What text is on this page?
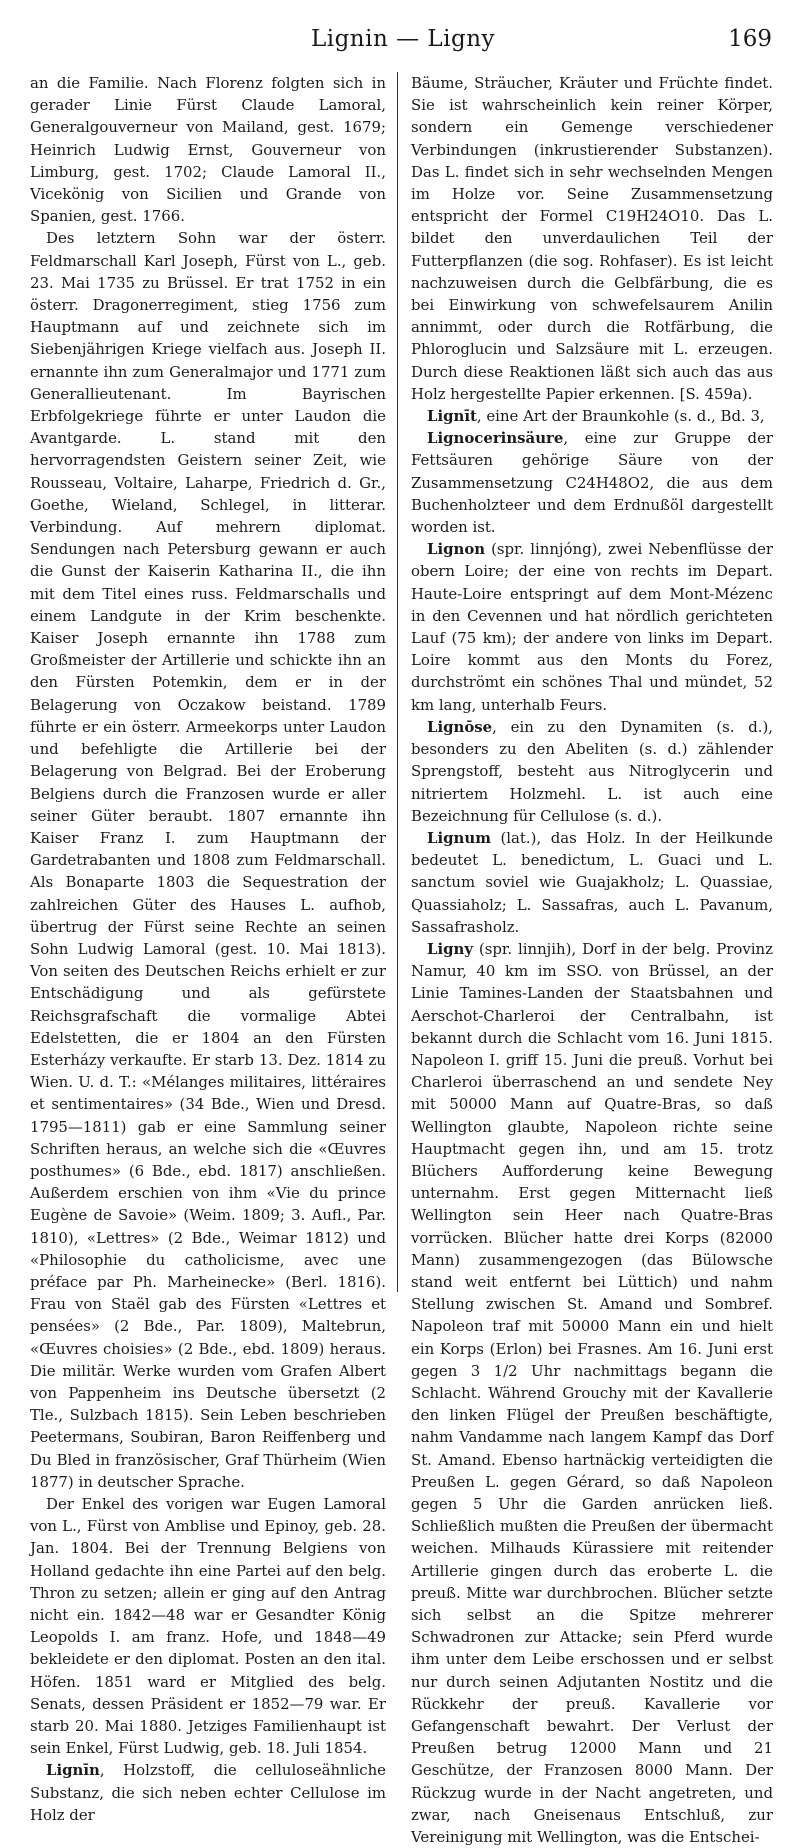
Lignin — Ligny	169

an die Familie. Nach Florenz folgten sich in gerader Linie Fürst Claude Lamoral, Generalgouverneur von Mailand, gest. 1679; Heinrich Ludwig Ernst, Gouverneur von Limburg, gest. 1702; Claude Lamoral II., Vicekönig von Sicilien und Grande von Spanien, gest. 1766.

Des letztern Sohn war der österr. Feldmarschall Karl Joseph, Fürst von L., geb. 23. Mai 1735 zu Brüssel. Er trat 1752 in ein österr. Dragonerregiment, stieg 1756 zum Hauptmann auf und zeichnete sich im Siebenjährigen Kriege vielfach aus. Joseph II. ernannte ihn zum Generalmajor und 1771 zum Generallieutenant. Im Bayrischen Erbfolgekriege führte er unter Laudon die Avantgarde. L. stand mit den hervorragendsten Geistern seiner Zeit, wie Rousseau, Voltaire, Laharpe, Friedrich d. Gr., Goethe, Wieland, Schlegel, in litterar. Verbindung. Auf mehrern diplomat. Sendungen nach Petersburg gewann er auch die Gunst der Kaiserin Katharina II., die ihn mit dem Titel eines russ. Feldmarschalls und einem Landgute in der Krim beschenkte. Kaiser Joseph ernannte ihn 1788 zum Großmeister der Artillerie und schickte ihn an den Fürsten Potemkin, dem er in der Belagerung von Oczakow beistand. 1789 führte er ein österr. Armeekorps unter Laudon und befehligte die Artillerie bei der Belagerung von Belgrad. Bei der Eroberung Belgiens durch die Franzosen wurde er aller seiner Güter beraubt. 1807 ernannte ihn Kaiser Franz I. zum Hauptmann der Gardetrabanten und 1808 zum Feldmarschall. Als Bonaparte 1803 die Sequestration der zahlreichen Güter des Hauses L. aufhob, übertrug der Fürst seine Rechte an seinen Sohn Ludwig Lamoral (gest. 10. Mai 1813). Von seiten des Deutschen Reichs erhielt er zur Entschädigung und als gefürstete Reichsgrafschaft die vormalige Abtei Edelstetten, die er 1804 an den Fürsten Esterházy verkaufte. Er starb 13. Dez. 1814 zu Wien. U. d. T.: «Mélanges militaires, littéraires et sentimentaires» (34 Bde., Wien und Dresd. 1795—1811) gab er eine Sammlung seiner Schriften heraus, an welche sich die «Œuvres posthumes» (6 Bde., ebd. 1817) anschließen. Außerdem erschien von ihm «Vie du prince Eugène de Savoie» (Weim. 1809; 3. Aufl., Par. 1810), «Lettres» (2 Bde., Weimar 1812) und «Philosophie du catholicisme, avec une préface par Ph. Marheinecke» (Berl. 1816). Frau von Staël gab des Fürsten «Lettres et pensées» (2 Bde., Par. 1809), Maltebrun, «Œuvres choisies» (2 Bde., ebd. 1809) heraus. Die militär. Werke wurden vom Grafen Albert von Pappenheim ins Deutsche übersetzt (2 Tle., Sulzbach 1815). Sein Leben beschrieben Peetermans, Soubiran, Baron Reiffenberg und Du Bled in französischer, Graf Thürheim (Wien 1877) in deutscher Sprache.

Der Enkel des vorigen war Eugen Lamoral von L., Fürst von Amblise und Epinoy, geb. 28. Jan. 1804. Bei der Trennung Belgiens von Holland gedachte ihn eine Partei auf den belg. Thron zu setzen; allein er ging auf den Antrag nicht ein. 1842—48 war er Gesandter König Leopolds I. am franz. Hofe, und 1848—49 bekleidete er den diplomat. Posten an den ital. Höfen. 1851 ward er Mitglied des belg. Senats, dessen Präsident er 1852—79 war. Er starb 20. Mai 1880. Jetziges Familienhaupt ist sein Enkel, Fürst Ludwig, geb. 18. Juli 1854.

Lignīn, Holzstoff, die celluloseähnliche Substanz, die sich neben echter Cellulose im Holz der

Bäume, Sträucher, Kräuter und Früchte findet. Sie ist wahrscheinlich kein reiner Körper, sondern ein Gemenge verschiedener Verbindungen (inkrustierender Substanzen). Das L. findet sich in sehr wechselnden Mengen im Holze vor. Seine Zusammensetzung entspricht der Formel C19H24O10. Das L. bildet den unverdaulichen Teil der Futterpflanzen (die sog. Rohfaser). Es ist leicht nachzuweisen durch die Gelbfärbung, die es bei Einwirkung von schwefelsaurem Anilin annimmt, oder durch die Rotfärbung, die Phloroglucin und Salzsäure mit L. erzeugen. Durch diese Reaktionen läßt sich auch das aus Holz hergestellte Papier erkennen. [S. 459a).

Lignīt, eine Art der Braunkohle (s. d., Bd. 3,

Lignocerinsäure, eine zur Gruppe der Fettsäuren gehörige Säure von der Zusammensetzung C24H48O2, die aus dem Buchenholzteer und dem Erdnußöl dargestellt worden ist.

Lignon (spr. linnjóng), zwei Nebenflüsse der obern Loire; der eine von rechts im Depart. Haute-Loire entspringt auf dem Mont-Mézenc in den Cevennen und hat nördlich gerichteten Lauf (75 km); der andere von links im Depart. Loire kommt aus den Monts du Forez, durchströmt ein schönes Thal und mündet, 52 km lang, unterhalb Feurs.

Lignōse, ein zu den Dynamiten (s. d.), besonders zu den Abeliten (s. d.) zählender Sprengstoff, besteht aus Nitroglycerin und nitriertem Holzmehl. L. ist auch eine Bezeichnung für Cellulose (s. d.).

Lignum (lat.), das Holz. In der Heilkunde bedeutet L. benedictum, L. Guaci und L. sanctum soviel wie Guajakholz; L. Quassiae, Quassiaholz; L. Sassafras, auch L. Pavanum, Sassafrasholz.

Ligny (spr. linnjih), Dorf in der belg. Provinz Namur, 40 km im SSO. von Brüssel, an der Linie Tamines-Landen der Staatsbahnen und Aerschot-Charleroi der Centralbahn, ist bekannt durch die Schlacht vom 16. Juni 1815. Napoleon I. griff 15. Juni die preuß. Vorhut bei Charleroi überraschend an und sendete Ney mit 50000 Mann auf Quatre-Bras, so daß Wellington glaubte, Napoleon richte seine Hauptmacht gegen ihn, und am 15. trotz Blüchers Aufforderung keine Bewegung unternahm. Erst gegen Mitternacht ließ Wellington sein Heer nach Quatre-Bras vorrücken. Blücher hatte drei Korps (82000 Mann) zusammengezogen (das Bülowsche stand weit entfernt bei Lüttich) und nahm Stellung zwischen St. Amand und Sombref. Napoleon traf mit 50000 Mann ein und hielt ein Korps (Erlon) bei Frasnes. Am 16. Juni erst gegen 3 1/2 Uhr nachmittags begann die Schlacht. Während Grouchy mit der Kavallerie den linken Flügel der Preußen beschäftigte, nahm Vandamme nach langem Kampf das Dorf St. Amand. Ebenso hartnäckig verteidigten die Preußen L. gegen Gérard, so daß Napoleon gegen 5 Uhr die Garden anrücken ließ. Schließlich mußten die Preußen der übermacht weichen. Milhauds Kürassiere mit reitender Artillerie gingen durch das eroberte L. die preuß. Mitte war durchbrochen. Blücher setzte sich selbst an die Spitze mehrerer Schwadronen zur Attacke; sein Pferd wurde ihm unter dem Leibe erschossen und er selbst nur durch seinen Adjutanten Nostitz und die Rückkehr der preuß. Kavallerie vor Gefangenschaft bewahrt. Der Verlust der Preußen betrug 12000 Mann und 21 Geschütze, der Franzosen 8000 Mann. Der Rückzug wurde in der Nacht angetreten, und zwar, nach Gneisenaus Entschluß, zur Vereinigung mit Wellington, was die Entschei-
